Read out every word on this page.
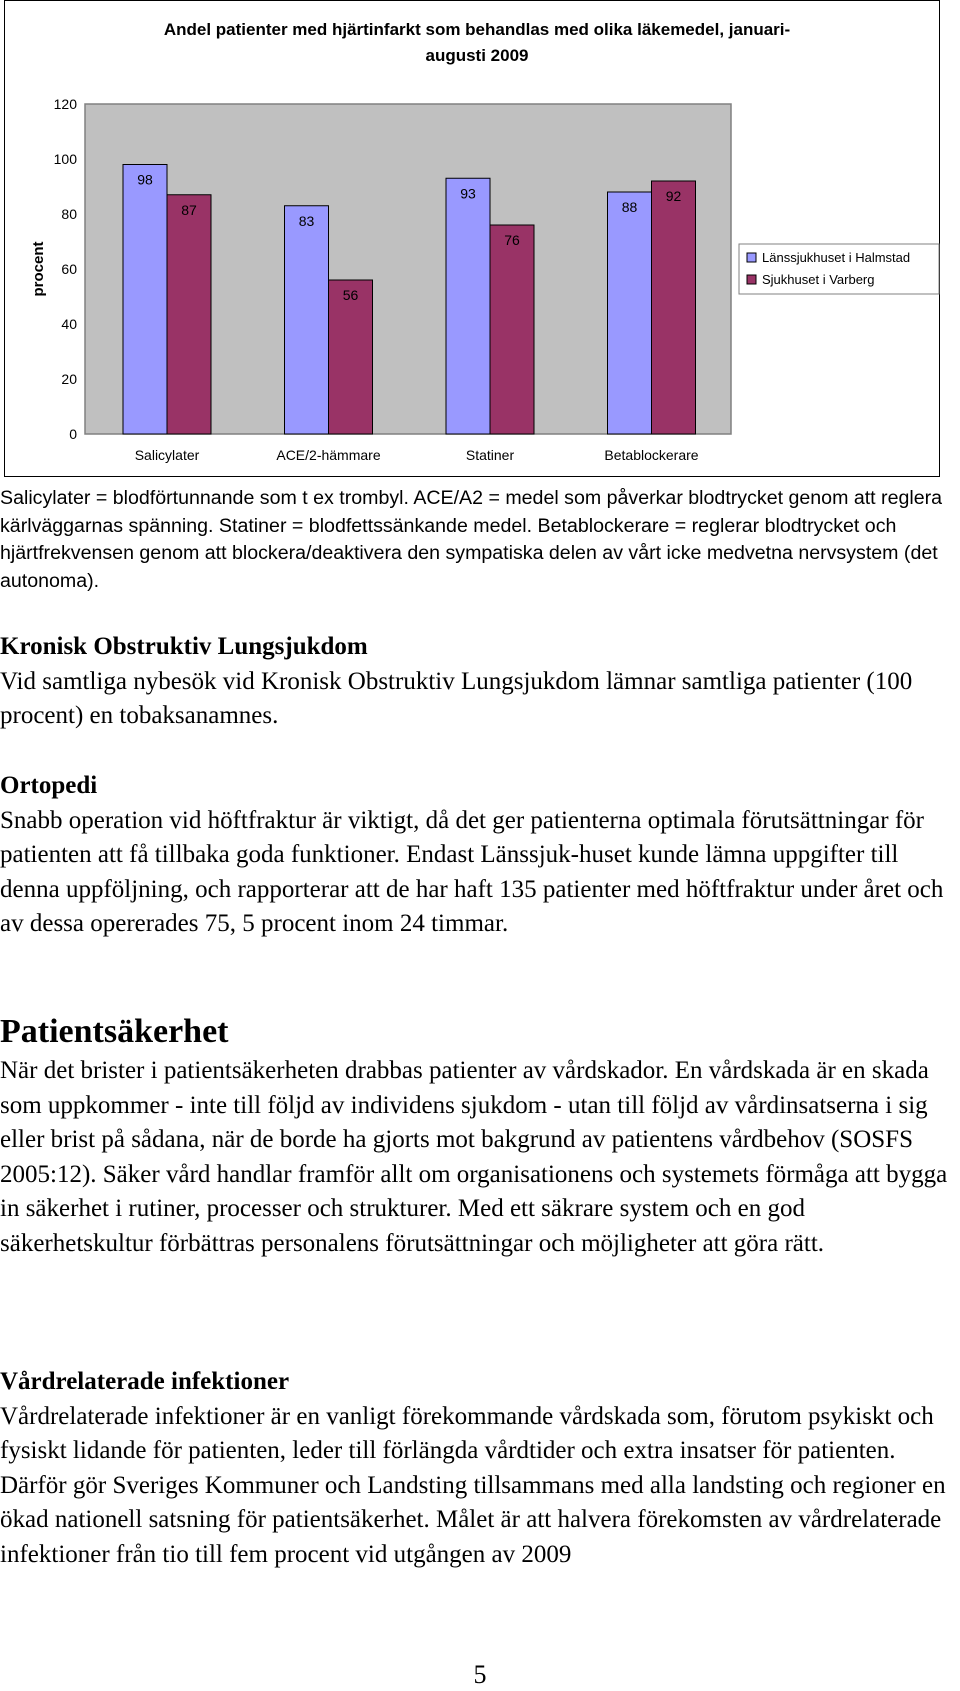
Andel patienter med hjärtinfarkt som behandlas med olika läkemedel, januari-
augusti 2009
0
20
40
60
80
100
120
procent
98
87
Salicylater
83
56
ACE/2-hämmare
93
76
Statiner
88
92
Betablockerare
Länssjukhuset i Halmstad
Sjukhuset i Varberg

Salicylater = blodförtunnande som t ex trombyl. ACE/A2 = medel som påverkar blodtrycket genom att reglera kärlväggarnas spänning. Statiner = blodfettssänkande medel. Betablockerare = reglerar blodtrycket och hjärtfrekvensen genom att blockera/deaktivera den sympatiska delen av vårt icke medvetna nervsystem (det autonoma).

Kronisk Obstruktiv Lungsjukdom

Vid samtliga nybesök vid Kronisk Obstruktiv Lungsjukdom lämnar samtliga patienter (100 procent) en tobaksanamnes.

Ortopedi

Snabb operation vid höftfraktur är viktigt, då det ger patienterna optimala förutsättningar för patienten att få tillbaka goda funktioner. Endast Länssjuk-huset kunde lämna uppgifter till denna uppföljning, och rapporterar att de har haft 135 patienter med höftfraktur under året och av dessa opererades 75, 5 procent inom 24 timmar.

Patientsäkerhet

När det brister i patientsäkerheten drabbas patienter av vårdskador. En vårdskada är en skada som uppkommer - inte till följd av individens sjukdom - utan till följd av vårdinsatserna i sig eller brist på sådana, när de borde ha gjorts mot bakgrund av patientens vårdbehov (SOSFS 2005:12). Säker vård handlar framför allt om organisationens och systemets förmåga att bygga in säkerhet i rutiner, processer och strukturer. Med ett säkrare system och en god säkerhetskultur förbättras personalens förutsättningar och möjligheter att göra rätt.

Vårdrelaterade infektioner

Vårdrelaterade infektioner är en vanligt förekommande vårdskada som, förutom psykiskt och fysiskt lidande för patienten, leder till förlängda vårdtider och extra insatser för patienten. Därför gör Sveriges Kommuner och Landsting tillsammans med alla landsting och regioner en ökad nationell satsning för patientsäkerhet. Målet är att halvera förekomsten av vårdrelaterade infektioner från tio till fem procent vid utgången av 2009

5
